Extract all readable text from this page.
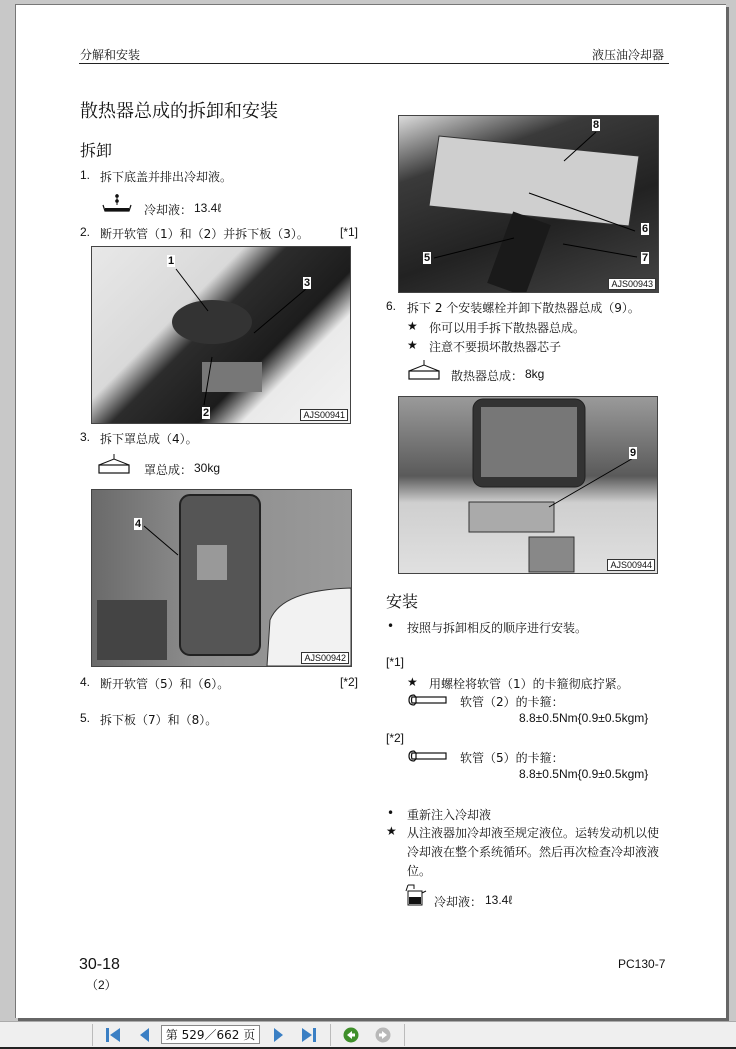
分解和安装	液压油冷却器
散热器总成的拆卸和安装
拆卸
1. 拆下底盖并排出冷却液。
冷却液： 13.4ℓ
2. 断开软管（1）和（2）并拆下板（3）。	[*1]
1
2
3
AJS00941
3. 拆下罩总成（4）。
罩总成： 30kg
4
AJS00942
4. 断开软管（5）和（6）。	[*2]
5. 拆下板（7）和（8）。
8
6
5	7
AJS00943
6. 拆下 2 个安装螺栓并卸下散热器总成（9）。
★ 你可以用手拆下散热器总成。
★ 注意不要损坏散热器芯子
散热器总成： 8kg
9
AJS00944
安装
• 按照与拆卸相反的顺序进行安装。
[*1]
★ 用螺栓将软管（1）的卡箍彻底拧紧。
软管（2）的卡箍：
8.8±0.5Nm{0.9±0.5kgm}
[*2]
软管（5）的卡箍：
8.8±0.5Nm{0.9±0.5kgm}
• 重新注入冷却液
★ 从注液器加冷却液至规定液位。运转发动机以使
冷却液在整个系统循环。然后再次检查冷却液液
位。
冷却液： 13.4ℓ
30-18
（2）
PC130-7
第 529／662 页
